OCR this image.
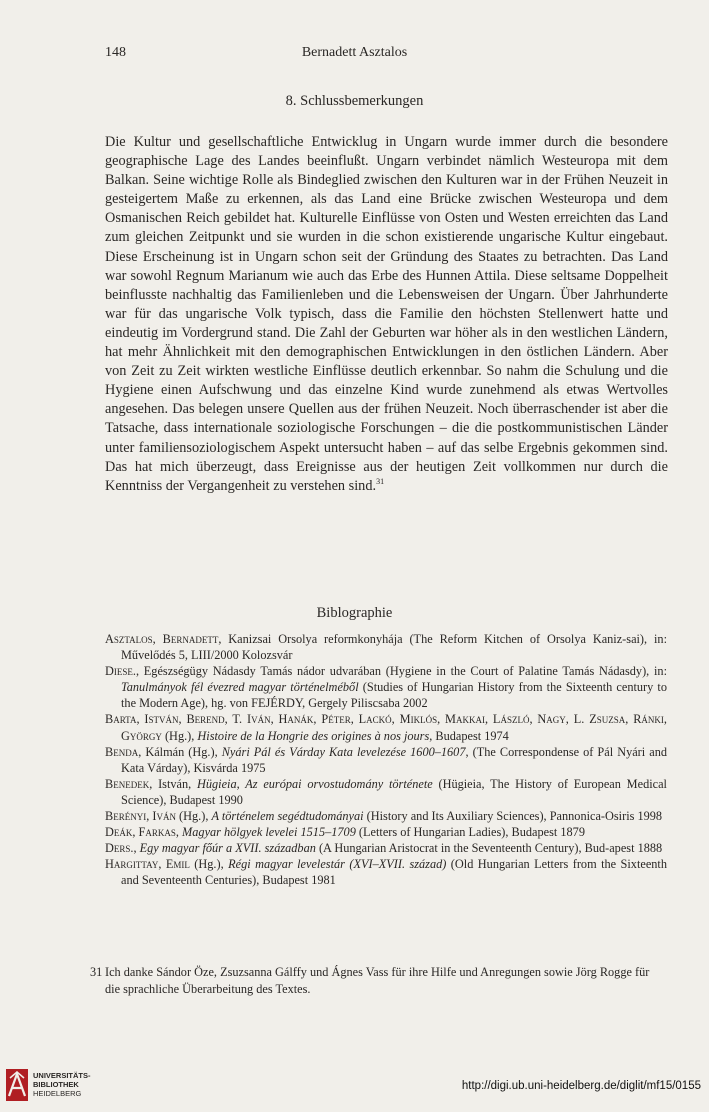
148	Bernadett Asztalos
8. Schlussbemerkungen
Die Kultur und gesellschaftliche Entwicklug in Ungarn wurde immer durch die besondere geographische Lage des Landes beeinflußt. Ungarn verbindet nämlich Westeuropa mit dem Balkan. Seine wichtige Rolle als Bindeglied zwischen den Kulturen war in der Frühen Neuzeit in gesteigertem Maße zu erkennen, als das Land eine Brücke zwischen Westeuropa und dem Osmanischen Reich gebildet hat. Kulturelle Einflüsse von Osten und Westen erreichten das Land zum gleichen Zeitpunkt und sie wurden in die schon existierende ungarische Kultur eingebaut. Diese Erscheinung ist in Ungarn schon seit der Gründung des Staates zu betrachten. Das Land war sowohl Regnum Marianum wie auch das Erbe des Hunnen Attila. Diese seltsame Doppelheit beinflusste nachhaltig das Familienleben und die Lebensweisen der Ungarn. Über Jahrhunderte war für das ungarische Volk typisch, dass die Familie den höchsten Stellenwert hatte und eindeutig im Vordergrund stand. Die Zahl der Geburten war höher als in den westlichen Ländern, hat mehr Ähnlichkeit mit den demographischen Entwicklungen in den östlichen Ländern. Aber von Zeit zu Zeit wirkten westliche Einflüsse deutlich erkennbar. So nahm die Schulung und die Hygiene einen Aufschwung und das einzelne Kind wurde zunehmend als etwas Wertvolles angesehen. Das belegen unsere Quellen aus der frühen Neuzeit. Noch überraschender ist aber die Tatsache, dass internationale soziologische Forschungen – die die postkommunistischen Länder unter familiensoziologischem Aspekt untersucht haben – auf das selbe Ergebnis gekommen sind. Das hat mich überzeugt, dass Ereignisse aus der heutigen Zeit vollkommen nur durch die Kenntniss der Vergangenheit zu verstehen sind.$^{31}$
Biblographie
Asztalos, Bernadett, Kanizsai Orsolya reformkonyhája (The Reform Kitchen of Orsolya Kaniz-sai), in: Művelődés 5, LIII/2000 Kolozsvár
Diese., Egészségügy Nádasdy Tamás nádor udvarában (Hygiene in the Court of Palatine Tamás Nádasdy), in: Tanulmányok fél évezred magyar történelméből (Studies of Hungarian History from the Sixteenth century to the Modern Age), hg. von FEJÉRDY, Gergely Piliscsaba 2002
Barta, István, Berend, T. Iván, Hanák, Péter, Lackó, Miklós, Makkai, László, Nagy, L. Zsuzsa, Ránki, György (Hg.), Histoire de la Hongrie des origines à nos jours, Budapest 1974
Benda, Kálmán (Hg.), Nyári Pál és Várday Kata levelezése 1600–1607, (The Correspondense of Pál Nyári and Kata Várday), Kisvárda 1975
Benedek, István, Hügieia, Az európai orvostudomány története (Hügieia, The History of European Medical Science), Budapest 1990
Berényi, Iván (Hg.), A történelem segédtudományai (History and Its Auxiliary Sciences), Pannonica-Osiris 1998
Deák, Farkas, Magyar hölgyek levelei 1515–1709 (Letters of Hungarian Ladies), Budapest 1879
Ders., Egy magyar főúr a XVII. században (A Hungarian Aristocrat in the Seventeenth Century), Bud-apest 1888
Hargittay, Emil (Hg.), Régi magyar levelestár (XVI–XVII. század) (Old Hungarian Letters from the Sixteenth and Seventeenth Centuries), Budapest 1981
31 Ich danke Sándor Öze, Zsuzsanna Gálffy und Ágnes Vass für ihre Hilfe und Anregungen sowie Jörg Rogge für die sprachliche Überarbeitung des Textes.
UNIVERSITÄTS-
BIBLIOTHEK
HEIDELBERG
http://digi.ub.uni-heidelberg.de/diglit/mf15/0155
